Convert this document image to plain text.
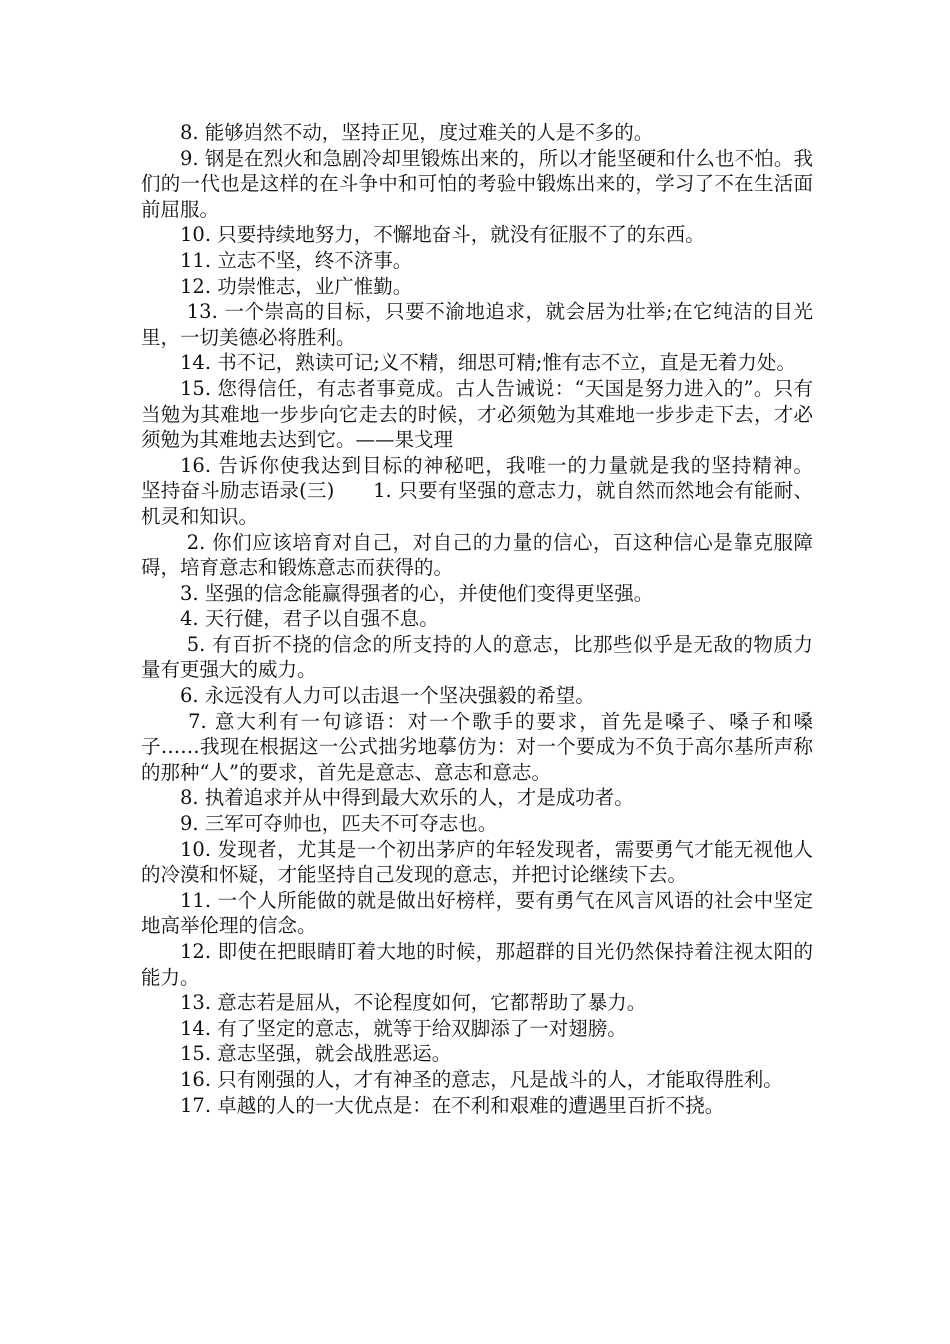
8. 能够岿然不动，坚持正见，度过难关的人是不多的。

9. 钢是在烈火和急剧冷却里锻炼出来的，所以才能坚硬和什么也不怕。我们的一代也是这样的在斗争中和可怕的考验中锻炼出来的，学习了不在生活面前屈服。

10. 只要持续地努力，不懈地奋斗，就没有征服不了的东西。

11. 立志不坚，终不济事。

12. 功崇惟志，业广惟勤。

13. 一个崇高的目标，只要不渝地追求，就会居为壮举;在它纯洁的目光里，一切美德必将胜利。

14. 书不记，熟读可记;义不精，细思可精;惟有志不立，直是无着力处。

15. 您得信任，有志者事竟成。古人告诫说：“天国是努力进入的”。只有当勉为其难地一步步向它走去的时候，才必须勉为其难地一步步走下去，才必须勉为其难地去达到它。——果戈理

16. 告诉你使我达到目标的神秘吧，我唯一的力量就是我的坚持精神。       坚持奋斗励志语录(三)      1. 只要有坚强的意志力，就自然而然地会有能耐、机灵和知识。

2. 你们应该培育对自己，对自己的力量的信心，百这种信心是靠克服障碍，培育意志和锻炼意志而获得的。

3. 坚强的信念能赢得强者的心，并使他们变得更坚强。

4. 天行健，君子以自强不息。

5. 有百折不挠的信念的所支持的人的意志，比那些似乎是无敌的物质力量有更强大的威力。

6. 永远没有人力可以击退一个坚决强毅的希望。

7. 意大利有一句谚语：对一个歌手的要求，首先是嗓子、嗓子和嗓子……我现在根据这一公式拙劣地摹仿为：对一个要成为不负于高尔基所声称的那种“人”的要求，首先是意志、意志和意志。

8. 执着追求并从中得到最大欢乐的人，才是成功者。

9. 三军可夺帅也，匹夫不可夺志也。

10. 发现者，尤其是一个初出茅庐的年轻发现者，需要勇气才能无视他人的冷漠和怀疑，才能坚持自己发现的意志，并把讨论继续下去。

11. 一个人所能做的就是做出好榜样，要有勇气在风言风语的社会中坚定地高举伦理的信念。

12. 即使在把眼睛盯着大地的时候，那超群的目光仍然保持着注视太阳的能力。

13. 意志若是屈从，不论程度如何，它都帮助了暴力。

14. 有了坚定的意志，就等于给双脚添了一对翅膀。

15. 意志坚强，就会战胜恶运。

16. 只有刚强的人，才有神圣的意志，凡是战斗的人，才能取得胜利。

17. 卓越的人的一大优点是：在不利和艰难的遭遇里百折不挠。
